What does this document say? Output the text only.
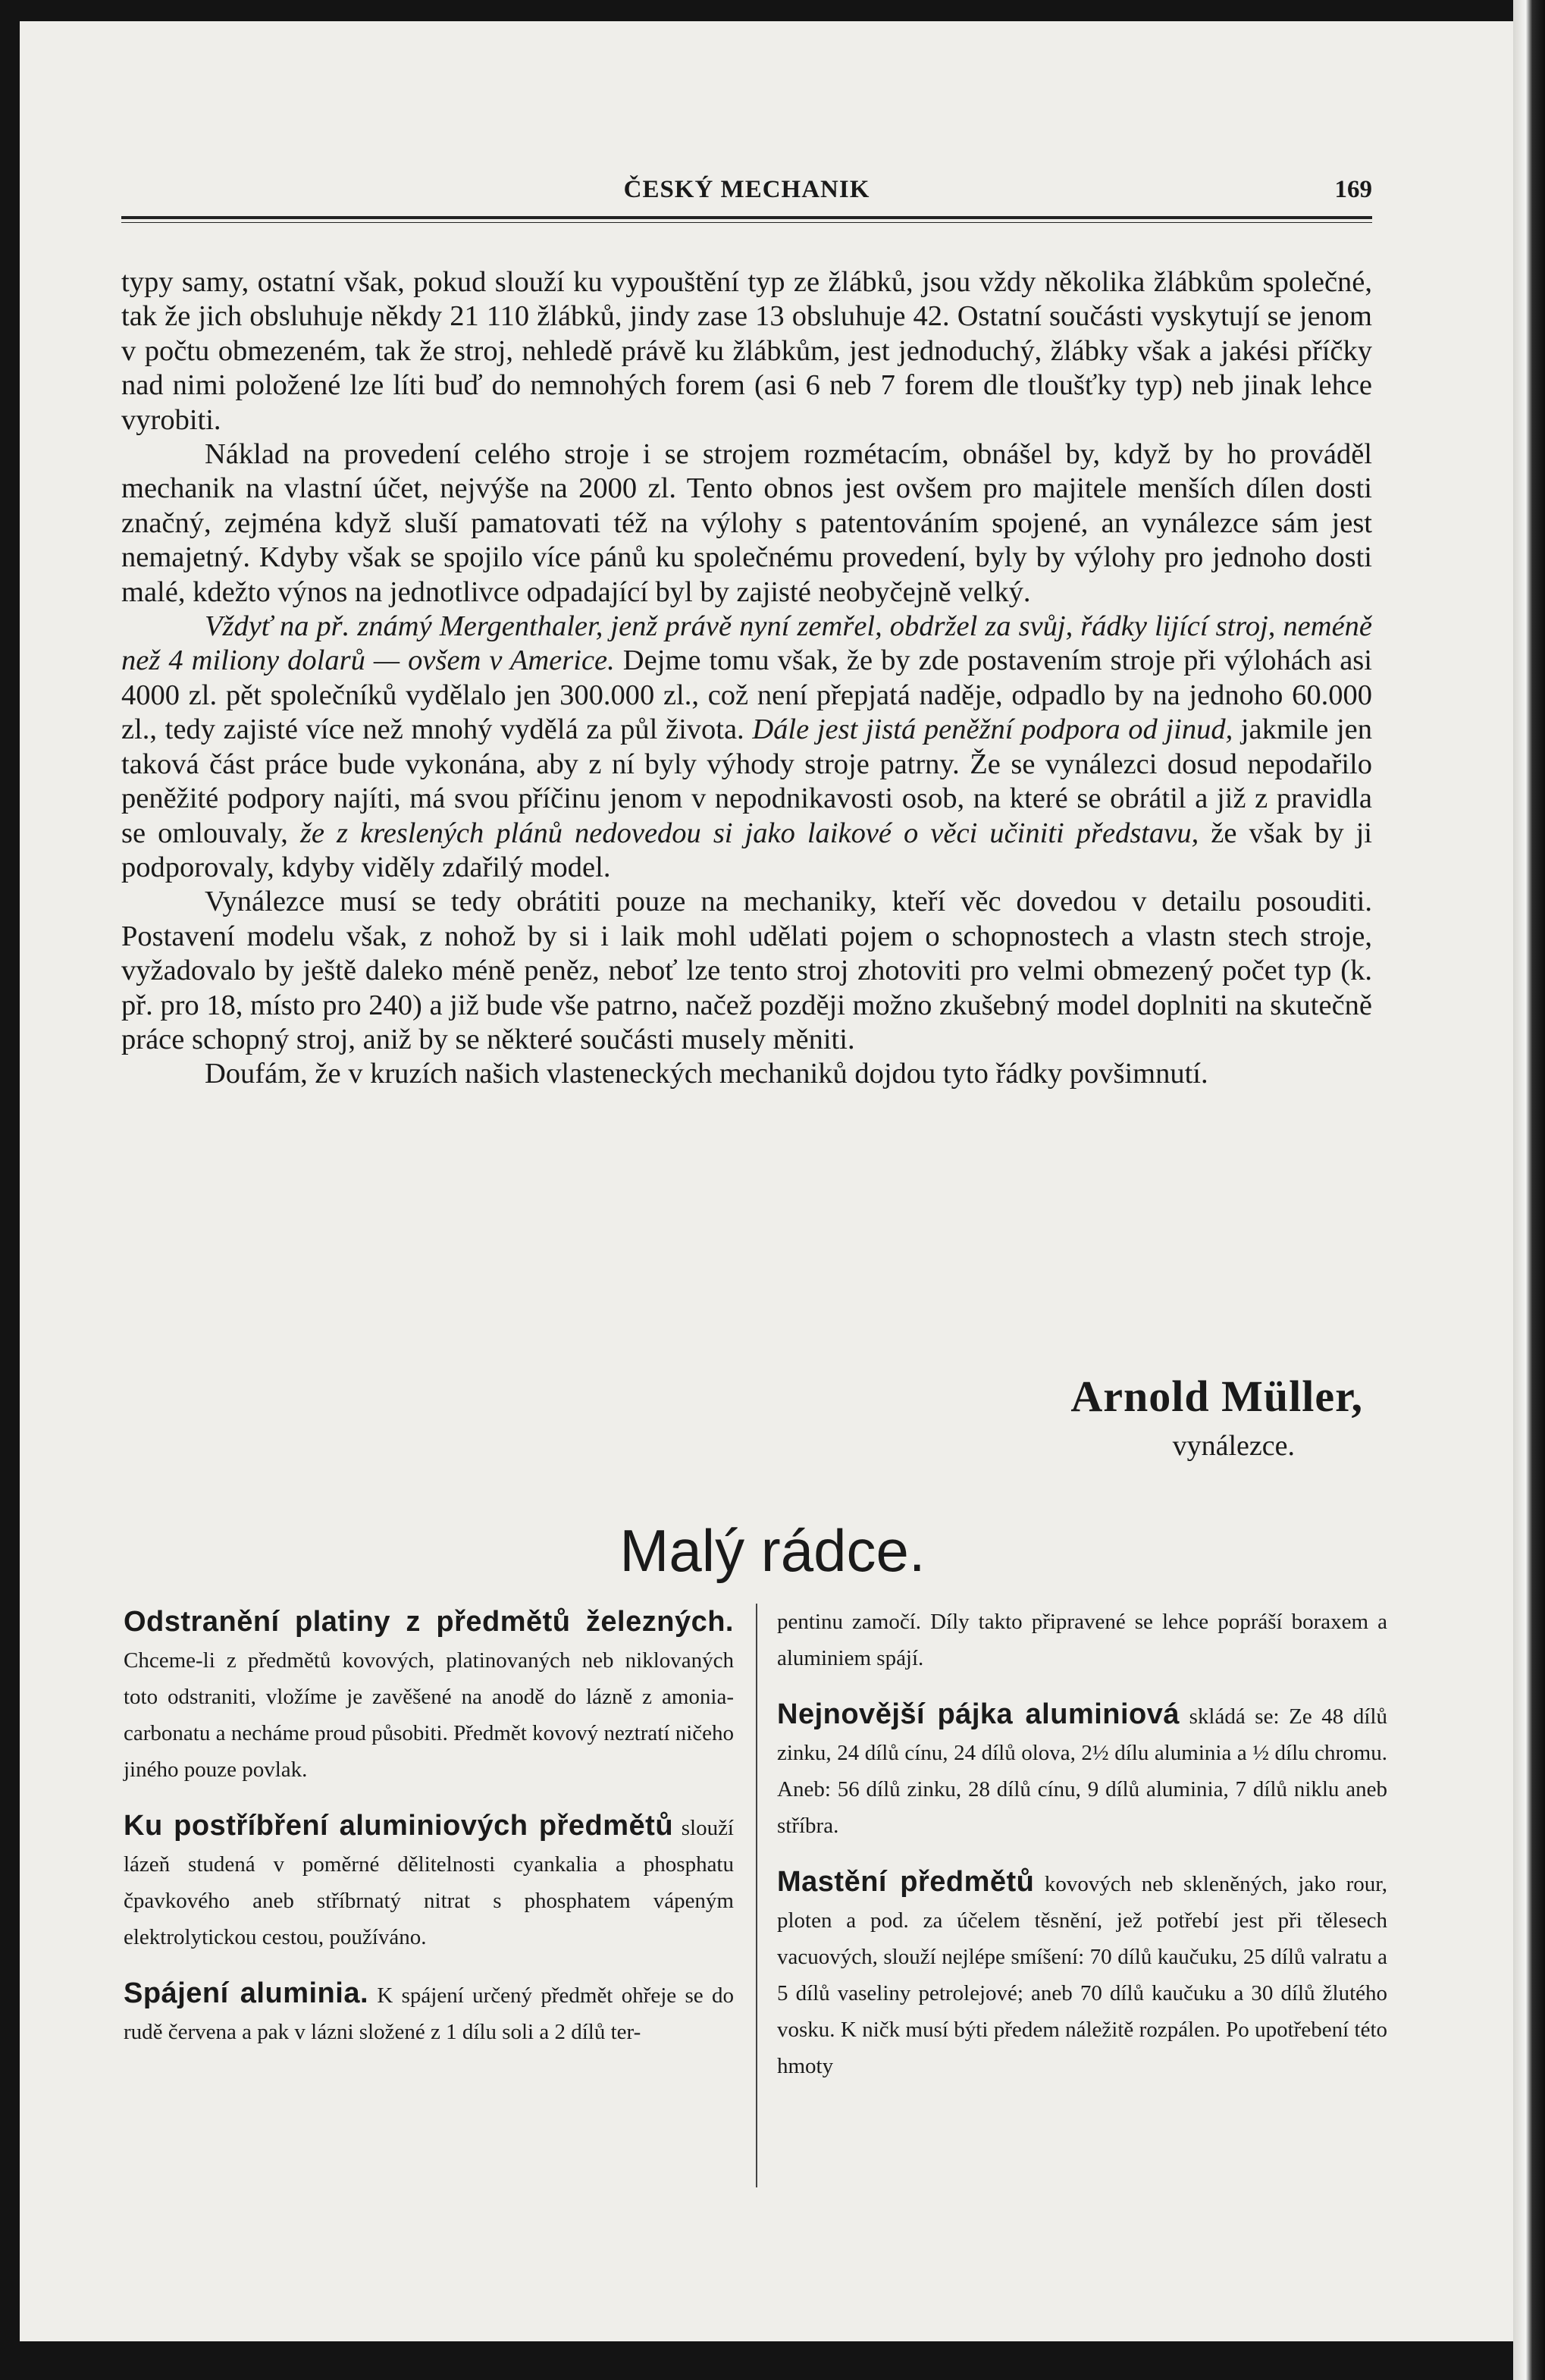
ČESKÝ MECHANIK	169

typy samy, ostatní však, pokud slouží ku vypouštění typ ze žlábků, jsou vždy několika žlábkům společné, tak že jich obsluhuje někdy 21 110 žlábků, jindy zase 13 obsluhuje 42. Ostatní součásti vyskytují se jenom v počtu obmezeném, tak že stroj, nehledě právě ku žlábkům, jest jednoduchý, žlábky však a jakési příčky nad nimi položené lze líti buď do nemnohých forem (asi 6 neb 7 forem dle tloušťky typ) neb jinak lehce vyrobiti.

Náklad na provedení celého stroje i se strojem rozmétacím, obnášel by, když by ho prováděl mechanik na vlastní účet, nejvýše na 2000 zl. Tento obnos jest ovšem pro majitele menších dílen dosti značný, zejména když sluší pamatovati též na výlohy s patentováním spojené, an vynálezce sám jest nemajetný. Kdyby však se spojilo více pánů ku společnému provedení, byly by výlohy pro jednoho dosti malé, kdežto výnos na jednotlivce odpadající byl by zajisté neobyčejně velký.

Vždyť na př. známý Mergenthaler, jenž právě nyní zemřel, obdržel za svůj, řádky lijící stroj, neméně než 4 miliony dolarů — ovšem v Americe. Dejme tomu však, že by zde postavením stroje při výlohách asi 4000 zl. pět společníků vydělalo jen 300.000 zl., což není přepjatá naděje, odpadlo by na jednoho 60.000 zl., tedy zajisté více než mnohý vydělá za půl života. Dále jest jistá peněžní podpora od jinud, jakmile jen taková část práce bude vykonána, aby z ní byly výhody stroje patrny. Že se vynálezci dosud nepodařilo peněžité podpory najíti, má svou příčinu jenom v nepodnikavosti osob, na které se obrátil a již z pravidla se omlouvaly, že z kreslených plánů nedovedou si jako laikové o věci učiniti představu, že však by ji podporovaly, kdyby viděly zdařilý model.

Vynálezce musí se tedy obrátiti pouze na mechaniky, kteří věc dovedou v detailu posouditi. Postavení modelu však, z nohož by si i laik mohl udělati pojem o schopnostech a vlastn stech stroje, vyžadovalo by ještě daleko méně peněz, neboť lze tento stroj zhotoviti pro velmi obmezený počet typ (k. př. pro 18, místo pro 240) a již bude vše patrno, načež později možno zkušebný model doplniti na skutečně práce schopný stroj, aniž by se některé součásti musely měniti.

Doufám, že v kruzích našich vlasteneckých mechaniků dojdou tyto řádky povšimnutí.

Arnold Müller,
vynálezce.
Malý rádce.

Odstranění platiny z předmětů železných. Chceme-li z předmětů kovových, platinovaných neb niklovaných toto odstraniti, vložíme je zavěšené na anodě do lázně z amonia-carbonatu a necháme proud působiti. Předmět kovový neztratí ničeho jiného pouze povlak.

Ku postříbření aluminiových předmětů slouží lázeň studená v poměrné dělitelnosti cyankalia a phosphatu čpavkového aneb stříbrnatý nitrat s phosphatem vápeným elektrolytickou cestou, používáno.

Spájení aluminia. K spájení určený předmět ohřeje se do rudě červena a pak v lázni složené z 1 dílu soli a 2 dílů ter-

pentinu zamočí. Díly takto připravené se lehce popráší boraxem a aluminiem spájí.

Nejnovější pájka aluminiová skládá se: Ze 48 dílů zinku, 24 dílů cínu, 24 dílů olova, 2½ dílu aluminia a ½ dílu chromu. Aneb: 56 dílů zinku, 28 dílů cínu, 9 dílů aluminia, 7 dílů niklu aneb stříbra.

Mastění předmětů kovových neb skleněných, jako rour, ploten a pod. za účelem těsnění, jež potřebí jest při tělesech vacuových, slouží nejlépe smíšení: 70 dílů kaučuku, 25 dílů valratu a 5 dílů vaseliny petrolejové; aneb 70 dílů kaučuku a 30 dílů žlutého vosku. K ničk musí býti předem náležitě rozpálen. Po upotřebení této hmoty
